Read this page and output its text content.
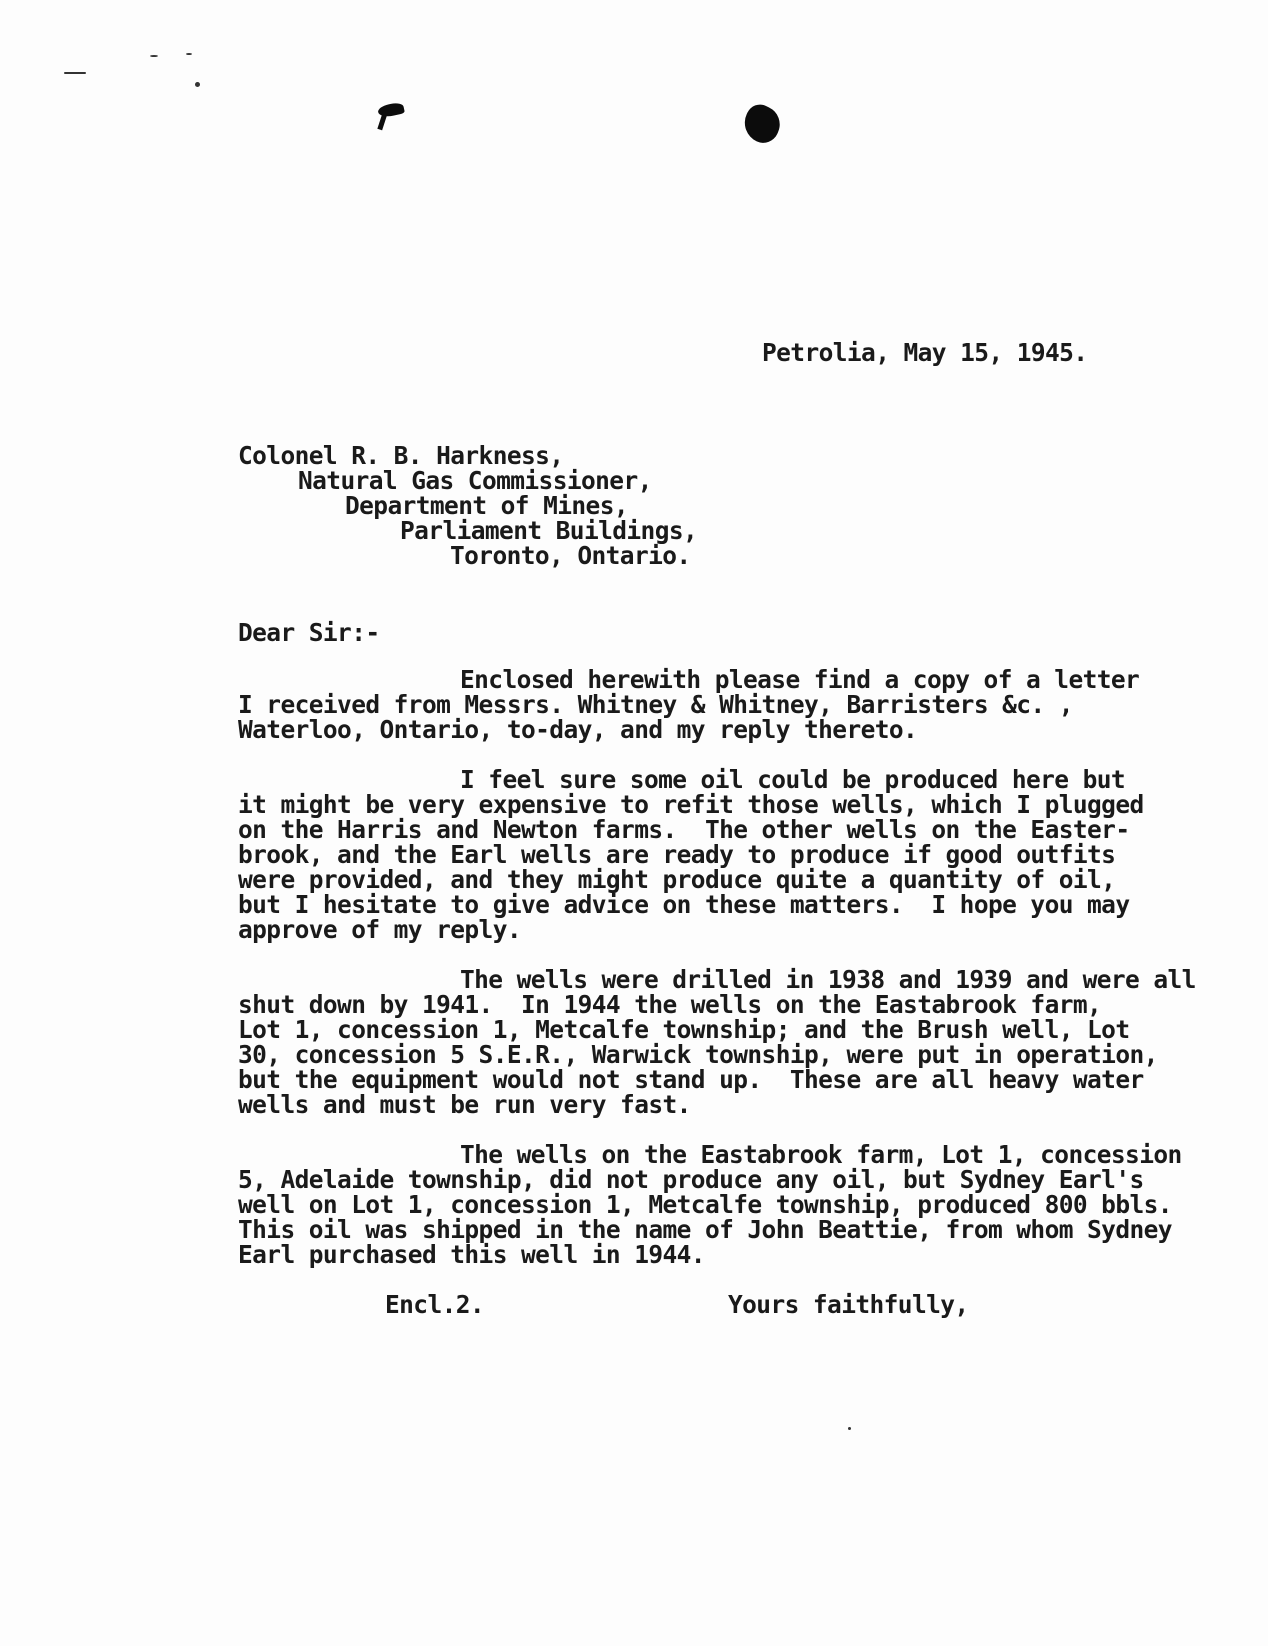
Petrolia, May 15, 1945.
Colonel R. B. Harkness,
Natural Gas Commissioner,
Department of Mines,
Parliament Buildings,
Toronto, Ontario.
Dear Sir:-
Enclosed herewith please find a copy of a letter
I received from Messrs. Whitney & Whitney, Barristers &c. ,
Waterloo, Ontario, to-day, and my reply thereto.
I feel sure some oil could be produced here but
it might be very expensive to refit those wells, which I plugged
on the Harris and Newton farms.  The other wells on the Easter-
brook, and the Earl wells are ready to produce if good outfits
were provided, and they might produce quite a quantity of oil,
but I hesitate to give advice on these matters.  I hope you may
approve of my reply.
The wells were drilled in 1938 and 1939 and were all
shut down by 1941.  In 1944 the wells on the Eastabrook farm,
Lot 1, concession 1, Metcalfe township; and the Brush well, Lot
30, concession 5 S.E.R., Warwick township, were put in operation,
but the equipment would not stand up.  These are all heavy water
wells and must be run very fast.
The wells on the Eastabrook farm, Lot 1, concession
5, Adelaide township, did not produce any oil, but Sydney Earl's
well on Lot 1, concession 1, Metcalfe township, produced 800 bbls.
This oil was shipped in the name of John Beattie, from whom Sydney
Earl purchased this well in 1944.
Encl.2.	Yours faithfully,
